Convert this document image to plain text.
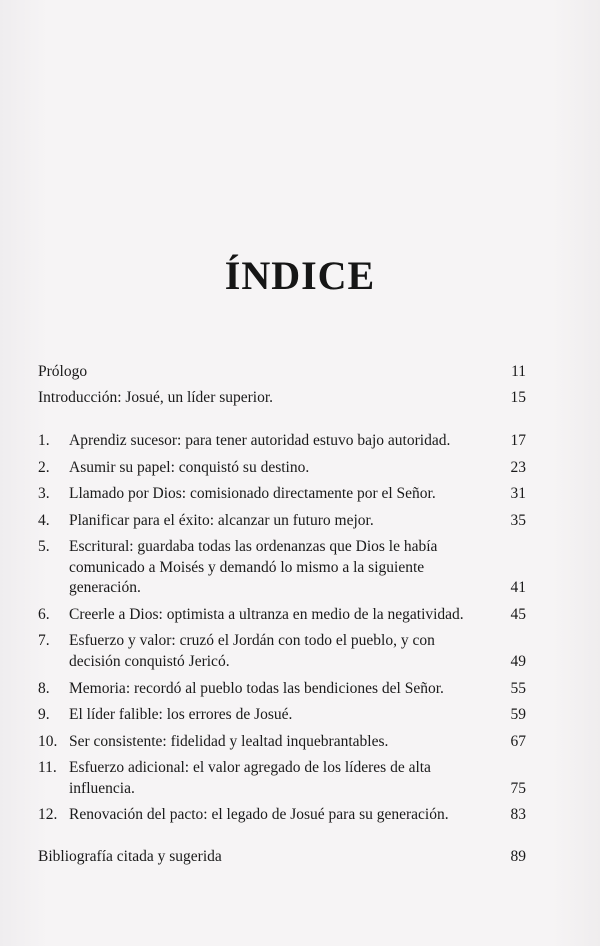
ÍNDICE
Prólogo	11
Introducción: Josué, un líder superior.	15
1. Aprendiz sucesor: para tener autoridad estuvo bajo autoridad.	17
2. Asumir su papel: conquistó su destino.	23
3. Llamado por Dios: comisionado directamente por el Señor.	31
4. Planificar para el éxito: alcanzar un futuro mejor.	35
5. Escritural: guardaba todas las ordenanzas que Dios le había
comunicado a Moisés y demandó lo mismo a la siguiente
generación.	41
6. Creerle a Dios: optimista a ultranza en medio de la negatividad.	45
7. Esfuerzo y valor: cruzó el Jordán con todo el pueblo, y con
decisión conquistó Jericó.	49
8. Memoria: recordó al pueblo todas las bendiciones del Señor.	55
9. El líder falible: los errores de Josué.	59
10. Ser consistente: fidelidad y lealtad inquebrantables.	67
11. Esfuerzo adicional: el valor agregado de los líderes de alta
influencia.	75
12. Renovación del pacto: el legado de Josué para su generación.	83
Bibliografía citada y sugerida	89
